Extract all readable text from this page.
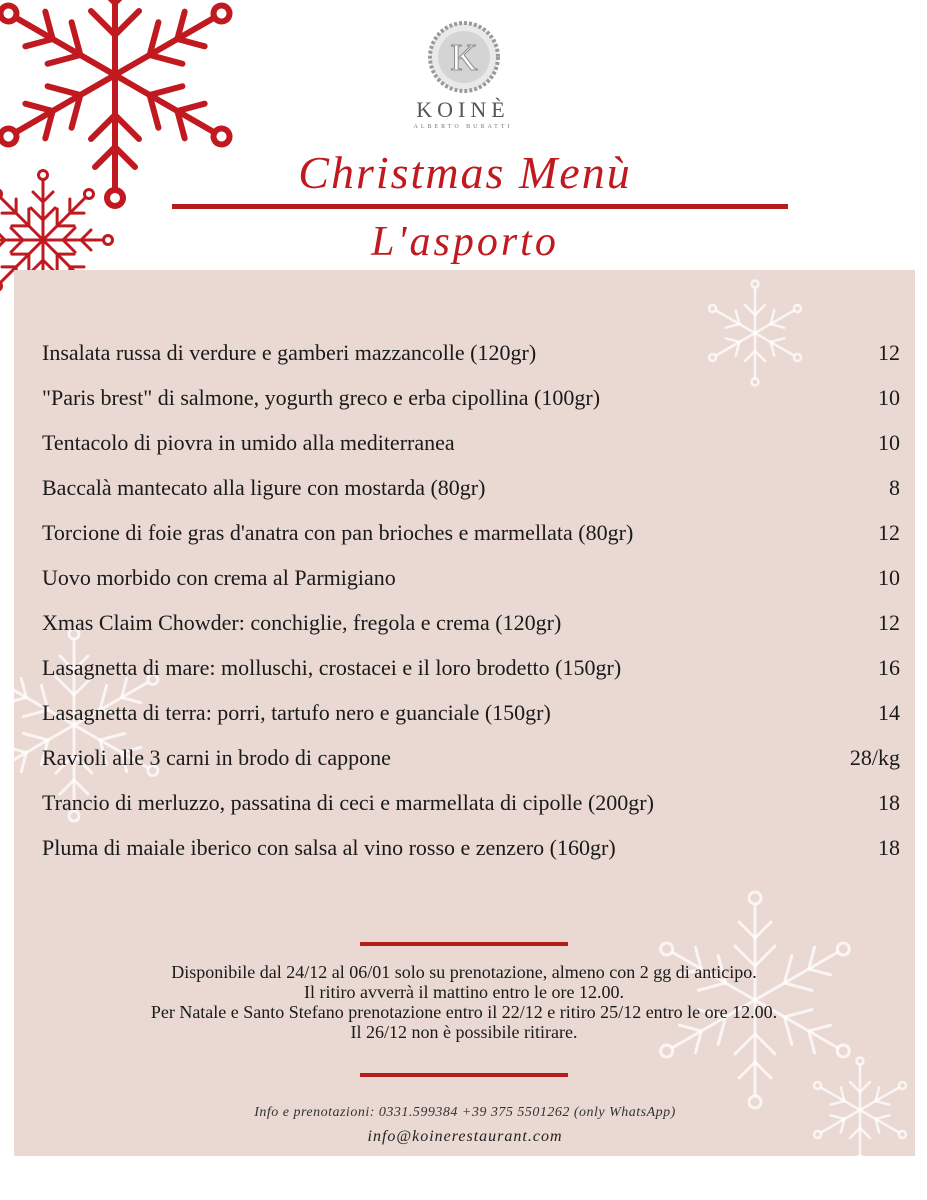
K
KOINÈ
ALBERTO BURATTI
Christmas Menù
L'asporto
Insalata russa di verdure e gamberi mazzancolle (120gr)	12
"Paris brest" di salmone, yogurth greco e erba cipollina (100gr)	10
Tentacolo di piovra in umido alla mediterranea	10
Baccalà mantecato alla ligure con mostarda (80gr)	8
Torcione di foie gras d'anatra con pan brioches e marmellata (80gr)	12
Uovo morbido con crema al Parmigiano	10
Xmas Claim Chowder: conchiglie, fregola e crema (120gr)	12
Lasagnetta di mare: molluschi, crostacei e il loro brodetto (150gr)	16
Lasagnetta di terra: porri, tartufo nero e guanciale (150gr)	14
Ravioli alle 3 carni in brodo di cappone	28/kg
Trancio di merluzzo, passatina di ceci e marmellata di cipolle (200gr)	18
Pluma di maiale iberico con salsa al vino rosso e zenzero (160gr)	18
Disponibile dal 24/12 al 06/01 solo su prenotazione, almeno con 2 gg di anticipo.
Il ritiro avverrà il mattino entro le ore 12.00.
Per Natale e Santo Stefano prenotazione entro il 22/12 e ritiro 25/12 entro le ore 12.00.
Il 26/12 non è possibile ritirare.
Info e prenotazioni: 0331.599384 +39 375 5501262 (only WhatsApp)
info@koinerestaurant.com
